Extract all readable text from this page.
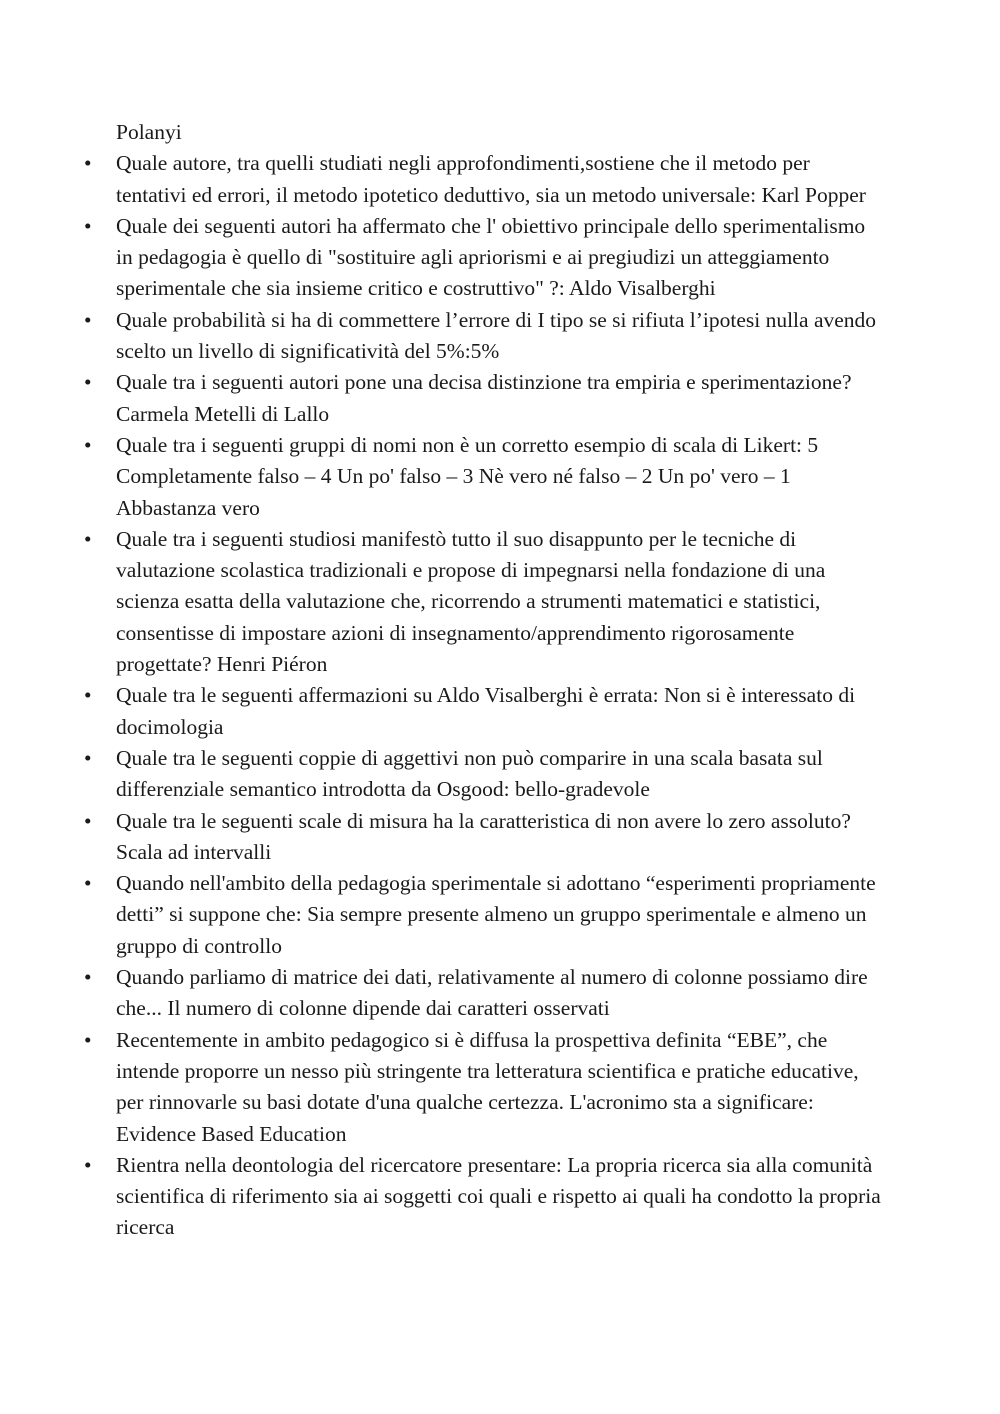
Polanyi

• Quale autore, tra quelli studiati negli approfondimenti,sostiene che il metodo per tentativi ed errori, il metodo ipotetico deduttivo, sia un metodo universale: Karl Popper
• Quale dei seguenti autori ha affermato che l' obiettivo principale dello sperimentalismo in pedagogia è quello di "sostituire agli apriorismi e ai pregiudizi un atteggiamento sperimentale che sia insieme critico e costruttivo" ?: Aldo Visalberghi
• Quale probabilità si ha di commettere l’errore di I tipo se si rifiuta l’ipotesi nulla avendo scelto un livello di significatività del 5%:5%
• Quale tra i seguenti autori pone una decisa distinzione tra empiria e sperimentazione? Carmela Metelli di Lallo
• Quale tra i seguenti gruppi di nomi non è un corretto esempio di scala di Likert: 5 Completamente falso – 4 Un po' falso – 3 Nè vero né falso – 2 Un po' vero – 1 Abbastanza vero
• Quale tra i seguenti studiosi manifestò tutto il suo disappunto per le tecniche di valutazione scolastica tradizionali e propose di impegnarsi nella fondazione di una scienza esatta della valutazione che, ricorrendo a strumenti matematici e statistici, consentisse di impostare azioni di insegnamento/apprendimento rigorosamente progettate? Henri Piéron
• Quale tra le seguenti affermazioni su Aldo Visalberghi è errata: Non si è interessato di docimologia
• Quale tra le seguenti coppie di aggettivi non può comparire in una scala basata sul differenziale semantico introdotta da Osgood: bello-gradevole
• Quale tra le seguenti scale di misura ha la caratteristica di non avere lo zero assoluto? Scala ad intervalli
• Quando nell'ambito della pedagogia sperimentale si adottano “esperimenti propriamente detti” si suppone che: Sia sempre presente almeno un gruppo sperimentale e almeno un gruppo di controllo
• Quando parliamo di matrice dei dati, relativamente al numero di colonne possiamo dire che... Il numero di colonne dipende dai caratteri osservati
• Recentemente in ambito pedagogico si è diffusa la prospettiva definita “EBE”, che intende proporre un nesso più stringente tra letteratura scientifica e pratiche educative, per rinnovarle su basi dotate d'una qualche certezza. L'acronimo sta a significare: Evidence Based Education
• Rientra nella deontologia del ricercatore presentare: La propria ricerca sia alla comunità scientifica di riferimento sia ai soggetti coi quali e rispetto ai quali ha condotto la propria ricerca
